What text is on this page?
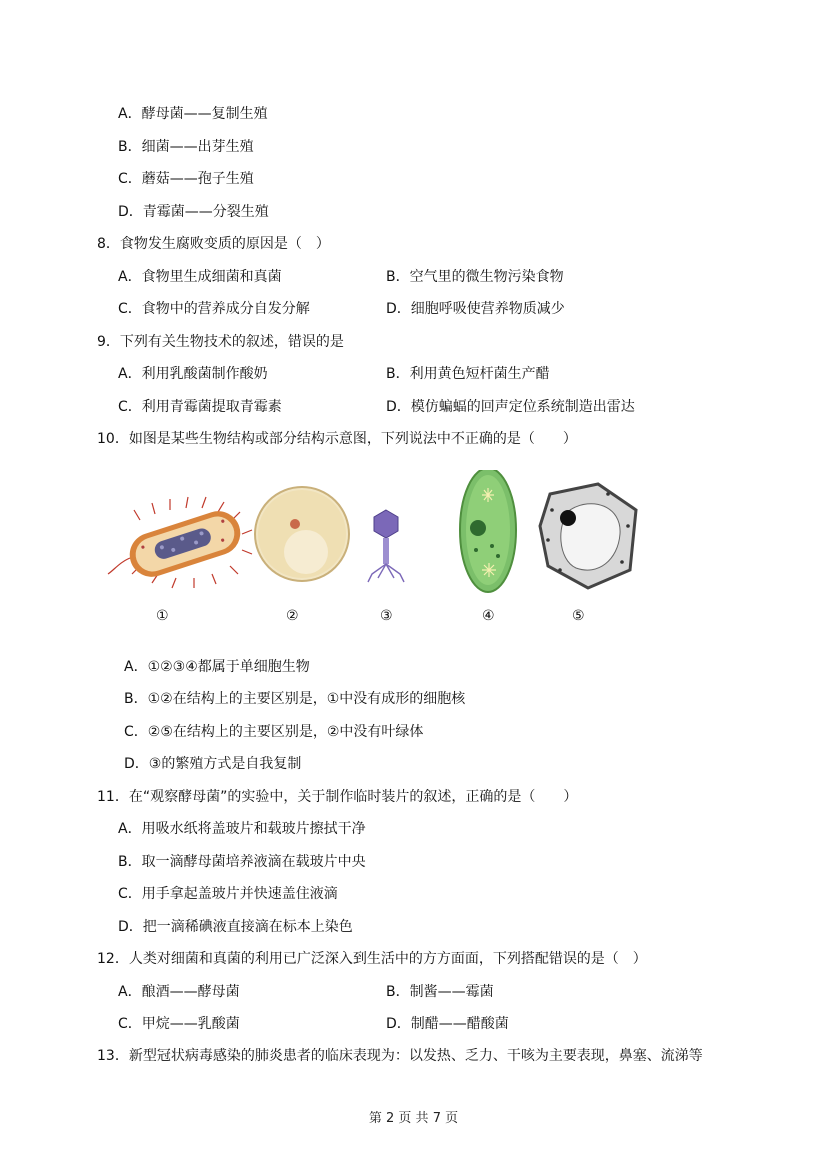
A．酵母菌——复制生殖
B．细菌——出芽生殖
C．蘑菇——孢子生殖
D．青霉菌——分裂生殖
8．食物发生腐败变质的原因是（　）
A．食物里生成细菌和真菌	B．空气里的微生物污染食物
C．食物中的营养成分自发分解	D．细胞呼吸使营养物质减少
9．下列有关生物技术的叙述，错误的是
A．利用乳酸菌制作酸奶	B．利用黄色短杆菌生产醋
C．利用青霉菌提取青霉素	D．模仿蝙蝠的回声定位系统制造出雷达
10．如图是某些生物结构或部分结构示意图，下列说法中不正确的是（　　）
①	②	③	④	⑤
A．①②③④都属于单细胞生物
B．①②在结构上的主要区别是，①中没有成形的细胞核
C．②⑤在结构上的主要区别是，②中没有叶绿体
D．③的繁殖方式是自我复制
11．在“观察酵母菌”的实验中，关于制作临时装片的叙述，正确的是（　　）
A．用吸水纸将盖玻片和载玻片擦拭干净
B．取一滴酵母菌培养液滴在载玻片中央
C．用手拿起盖玻片并快速盖住液滴
D．把一滴稀碘液直接滴在标本上染色
12．人类对细菌和真菌的利用已广泛深入到生活中的方方面面，下列搭配错误的是（　）
A．酿酒——酵母菌	B．制酱——霉菌
C．甲烷——乳酸菌	D．制醋——醋酸菌
13．新型冠状病毒感染的肺炎患者的临床表现为：以发热、乏力、干咳为主要表现，鼻塞、流涕等
第 2 页 共 7 页
